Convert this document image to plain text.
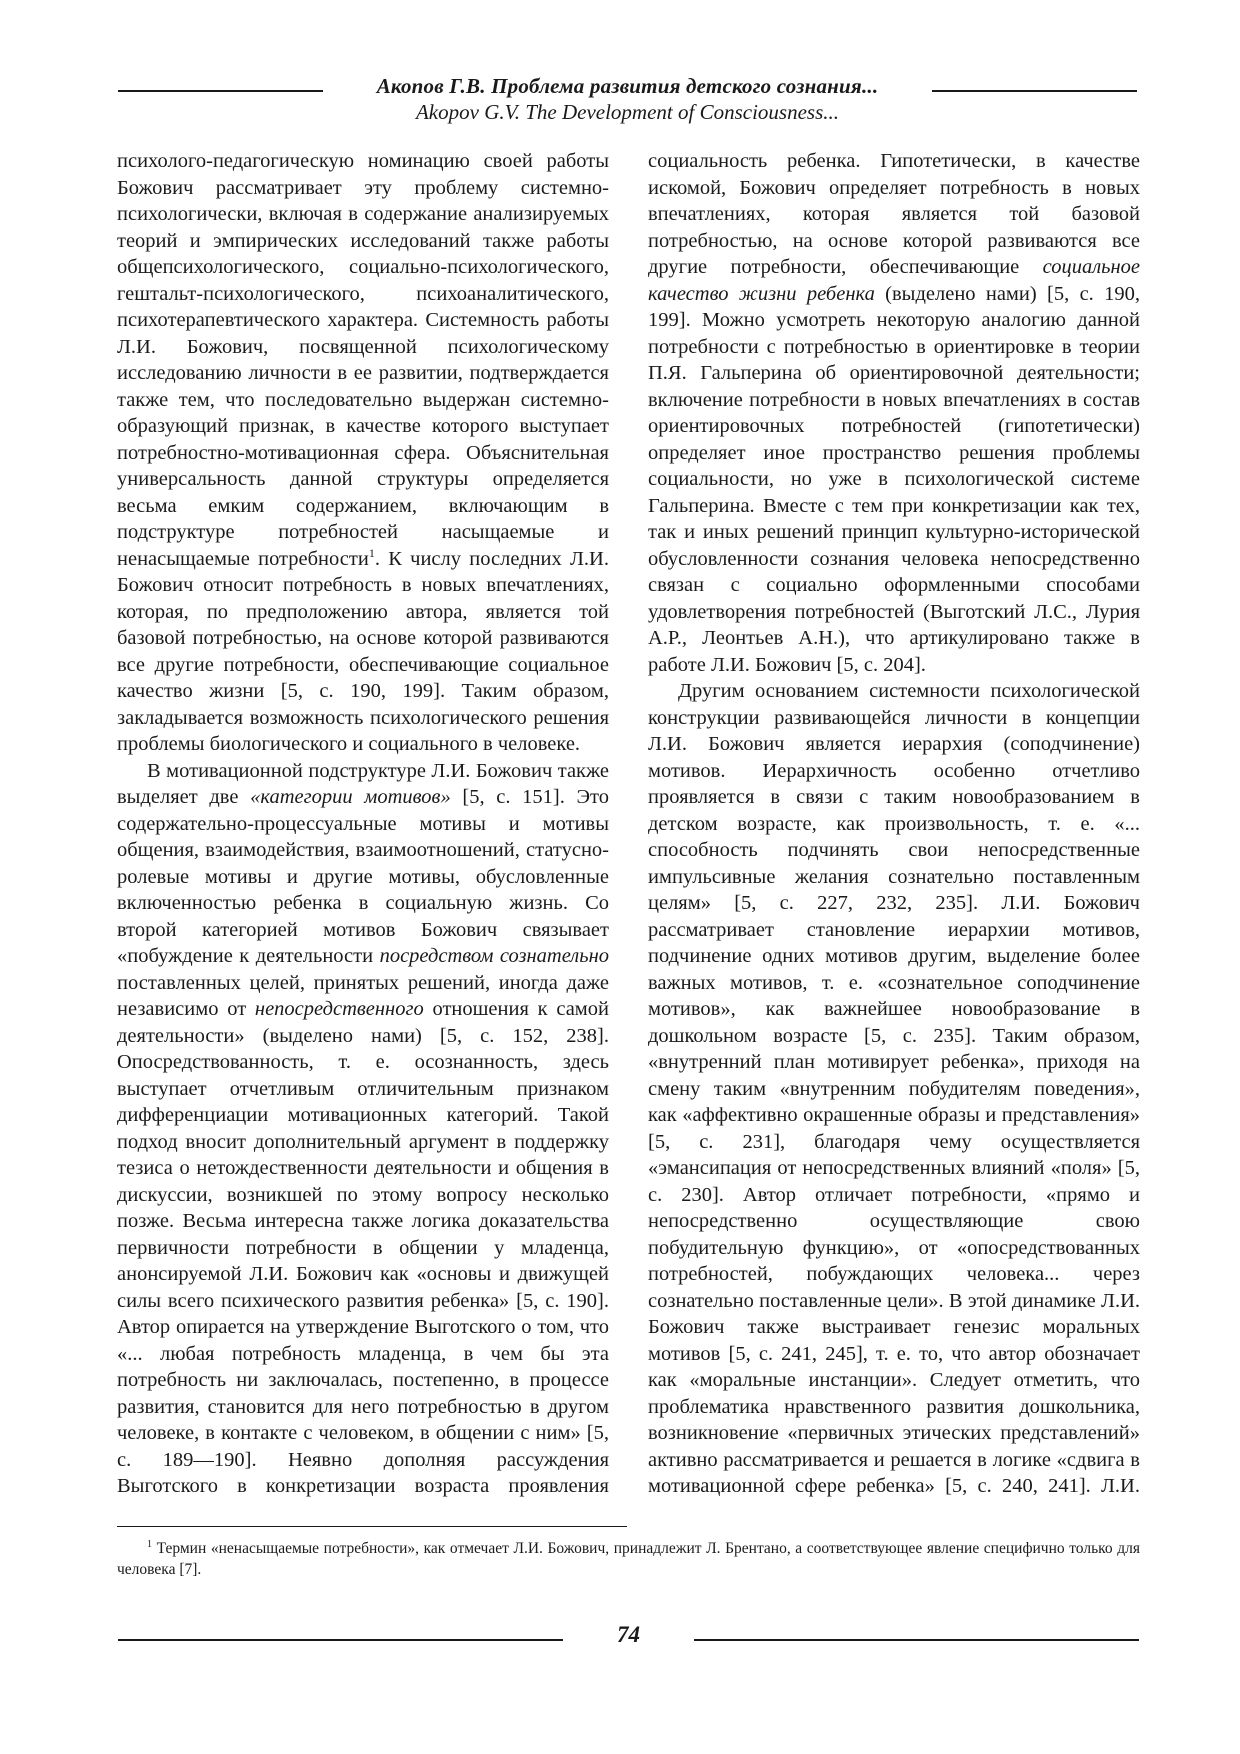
Акопов Г.В. Проблема развития детского сознания...
Akopov G.V. The Development of Consciousness...

психолого-педагогическую номинацию своей работы Божович рассматривает эту проблему системно-психологически, включая в содержание анализируемых теорий и эмпирических исследований также работы общепсихологического, социально-психологического, гештальт-психологического, психоаналитического, психотерапевтического характера. Системность работы Л.И. Божович, посвященной психологическому исследованию личности в ее развитии, подтверждается также тем, что последовательно выдержан системно-образующий признак, в качестве которого выступает потребностно-мотивационная сфера. Объяснительная универсальность данной структуры определяется весьма емким содержанием, включающим в подструктуре потребностей насыщаемые и ненасыщаемые потребности$^1$. К числу последних Л.И. Божович относит потребность в новых впечатлениях, которая, по предположению автора, является той базовой потребностью, на основе которой развиваются все другие потребности, обеспечивающие социальное качество жизни [5, с. 190, 199]. Таким образом, закладывается возможность психологического решения проблемы биологического и социального в человеке.

В мотивационной подструктуре Л.И. Божович также выделяет две «категории мотивов» [5, с. 151]. Это содержательно-процессуальные мотивы и мотивы общения, взаимодействия, взаимоотношений, статусно-ролевые мотивы и другие мотивы, обусловленные включенностью ребенка в социальную жизнь. Со второй категорией мотивов Божович связывает «побуждение к деятельности посредством сознательно поставленных целей, принятых решений, иногда даже независимо от непосредственного отношения к самой деятельности» (выделено нами) [5, с. 152, 238]. Опосредствованность, т. е. осознанность, здесь выступает отчетливым отличительным признаком дифференциации мотивационных категорий. Такой подход вносит дополнительный аргумент в поддержку тезиса о нетождественности деятельности и общения в дискуссии, возникшей по этому вопросу несколько позже. Весьма интересна также логика доказательства первичности потребности в общении у младенца, анонсируемой Л.И. Божович как «основы и движущей силы всего психического развития ребенка» [5, с. 190]. Автор опирается на утверждение Выготского о том, что «... любая потребность младенца, в чем бы эта потребность ни заключалась, постепенно, в процессе развития, становится для него потребностью в другом человеке, в контакте с человеком, в общении с ним» [5, с. 189—190]. Неявно дополняя рассуждения Выготского в конкретизации возраста проявления

социальность ребенка. Гипотетически, в качестве искомой, Божович определяет потребность в новых впечатлениях, которая является той базовой потребностью, на основе которой развиваются все другие потребности, обеспечивающие социальное качество жизни ребенка (выделено нами) [5, с. 190, 199]. Можно усмотреть некоторую аналогию данной потребности с потребностью в ориентировке в теории П.Я. Гальперина об ориентировочной деятельности; включение потребности в новых впечатлениях в состав ориентировочных потребностей (гипотетически) определяет иное пространство решения проблемы социальности, но уже в психологической системе Гальперина. Вместе с тем при конкретизации как тех, так и иных решений принцип культурно-исторической обусловленности сознания человека непосредственно связан с социально оформленными способами удовлетворения потребностей (Выготский Л.С., Лурия А.Р., Леонтьев А.Н.), что артикулировано также в работе Л.И. Божович [5, с. 204].

Другим основанием системности психологической конструкции развивающейся личности в концепции Л.И. Божович является иерархия (соподчинение) мотивов. Иерархичность особенно отчетливо проявляется в связи с таким новообразованием в детском возрасте, как произвольность, т. е. «... способность подчинять свои непосредственные импульсивные желания сознательно поставленным целям» [5, с. 227, 232, 235]. Л.И. Божович рассматривает становление иерархии мотивов, подчинение одних мотивов другим, выделение более важных мотивов, т. е. «сознательное соподчинение мотивов», как важнейшее новообразование в дошкольном возрасте [5, с. 235]. Таким образом, «внутренний план мотивирует ребенка», приходя на смену таким «внутренним побудителям поведения», как «аффективно окрашенные образы и представления» [5, с. 231], благодаря чему осуществляется «эмансипация от непосредственных влияний «поля» [5, с. 230]. Автор отличает потребности, «прямо и непосредственно осуществляющие свою побудительную функцию», от «опосредствованных потребностей, побуждающих человека... через сознательно поставленные цели». В этой динамике Л.И. Божович также выстраивает генезис моральных мотивов [5, с. 241, 245], т. е. то, что автор обозначает как «моральные инстанции». Следует отметить, что проблематика нравственного развития дошкольника, возникновение «первичных этических представлений» активно рассматривается и решается в логике «сдвига в мотивационной сфере ребенка» [5, с. 240, 241]. Л.И.

$^1$ Термин «ненасыщаемые потребности», как отмечает Л.И. Божович, принадлежит Л. Брентано, а соответствующее явление специфично только для человека [7].
74
